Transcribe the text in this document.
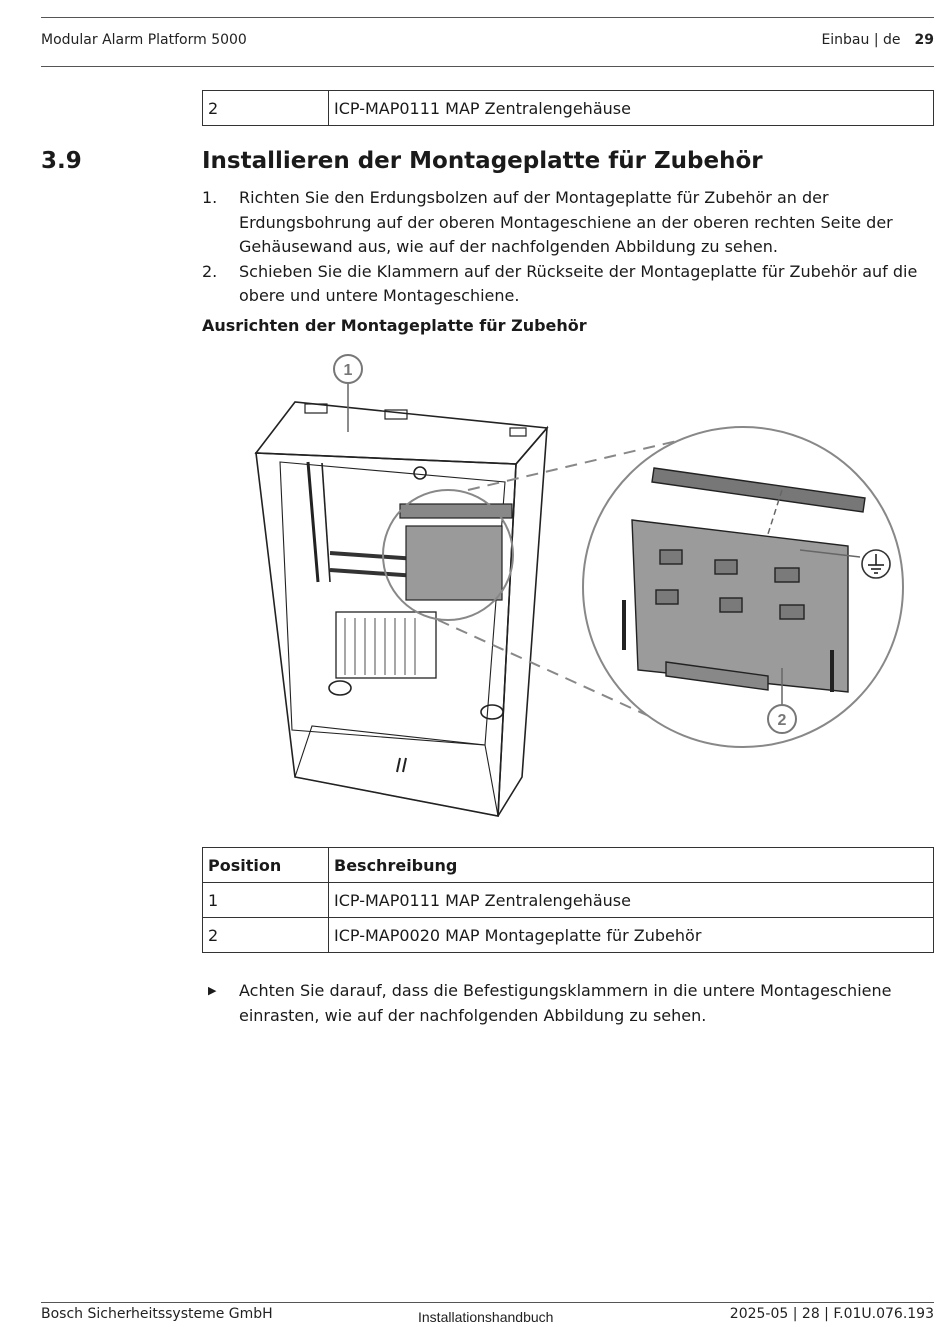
Modular Alarm Platform 5000	Einbau | de 29
2	ICP-MAP0111 MAP Zentralengehäuse
3.9	Installieren der Montageplatte für Zubehör
1. Richten Sie den Erdungsbolzen auf der Montageplatte für Zubehör an der Erdungsbohrung auf der oberen Montageschiene an der oberen rechten Seite der Gehäusewand aus, wie auf der nachfolgenden Abbildung zu sehen.
2. Schieben Sie die Klammern auf der Rückseite der Montageplatte für Zubehör auf die obere und untere Montageschiene.
Ausrichten der Montageplatte für Zubehör
1
2
Position	Beschreibung
1	ICP-MAP0111 MAP Zentralengehäuse
2	ICP-MAP0020 MAP Montageplatte für Zubehör
▶ Achten Sie darauf, dass die Befestigungsklammern in die untere Montageschiene einrasten, wie auf der nachfolgenden Abbildung zu sehen.
Bosch Sicherheitssysteme GmbH	Installationshandbuch	2025-05 | 28 | F.01U.076.193
